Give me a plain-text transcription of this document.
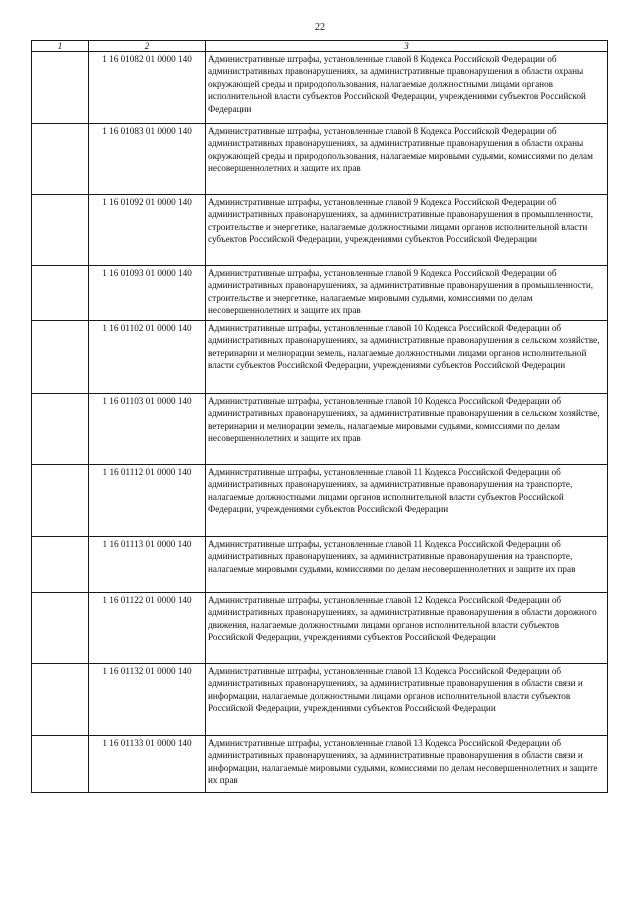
22
1	2	3
	1 16 01082 01 0000 140	Административные штрафы, установленные главой 8 Кодекса Российской Федерации об административных правонарушениях, за административные правонарушения в области охраны окружающей среды и природопользования, налагаемые должностными лицами органов исполнительной власти субъектов Российской Федерации, учреждениями субъектов Российской Федерации
	1 16 01083 01 0000 140	Административные штрафы, установленные главой 8 Кодекса Российской Федерации об административных правонарушениях, за административные правонарушения в области охраны окружающей среды и природопользования, налагаемые мировыми судьями, комиссиями по делам несовершеннолетних и защите их прав
	1 16 01092 01 0000 140	Административные штрафы, установленные главой 9 Кодекса Российской Федерации об административных правонарушениях, за административные правонарушения в промышленности, строительстве и энергетике, налагаемые должностными лицами органов исполнительной власти субъектов Российской Федерации, учреждениями субъектов Российской Федерации
	1 16 01093 01 0000 140	Административные штрафы, установленные главой 9 Кодекса Российской Федерации об административных правонарушениях, за административные правонарушения в промышленности, строительстве и энергетике, налагаемые мировыми судьями, комиссиями по делам несовершеннолетних и защите их прав
	1 16 01102 01 0000 140	Административные штрафы, установленные главой 10 Кодекса Российской Федерации об административных правонарушениях, за административные правонарушения в сельском хозяйстве, ветеринарии и мелиорации земель, налагаемые должностными лицами органов исполнительной власти субъектов Российской Федерации, учреждениями субъектов Российской Федерации
	1 16 01103 01 0000 140	Административные штрафы, установленные главой 10 Кодекса Российской Федерации об административных правонарушениях, за административные правонарушения в сельском хозяйстве, ветеринарии и мелиорации земель, налагаемые мировыми судьями, комиссиями по делам несовершеннолетних и защите их прав
	1 16 01112 01 0000 140	Административные штрафы, установленные главой 11 Кодекса Российской Федерации об административных правонарушениях, за административные правонарушения на транспорте, налагаемые должностными лицами органов исполнительной власти субъектов Российской Федерации, учреждениями субъектов Российской Федерации
	1 16 01113 01 0000 140	Административные штрафы, установленные главой 11 Кодекса Российской Федерации об административных правонарушениях, за административные правонарушения на транспорте, налагаемые мировыми судьями, комиссиями по делам несовершеннолетних и защите их прав
	1 16 01122 01 0000 140	Административные штрафы, установленные главой 12 Кодекса Российской Федерации об административных правонарушениях, за административные правонарушения в области дорожного движения, налагаемые должностными лицами органов исполнительной власти субъектов Российской Федерации, учреждениями субъектов Российской Федерации
	1 16 01132 01 0000 140	Административные штрафы, установленные главой 13 Кодекса Российской Федерации об административных правонарушениях, за административные правонарушения в области связи и информации, налагаемые должностными лицами органов исполнительной власти субъектов Российской Федерации, учреждениями субъектов Российской Федерации
	1 16 01133 01 0000 140	Административные штрафы, установленные главой 13 Кодекса Российской Федерации об административных правонарушениях, за административные правонарушения в области связи и информации, налагаемые мировыми судьями, комиссиями по делам несовершеннолетних и защите их прав
